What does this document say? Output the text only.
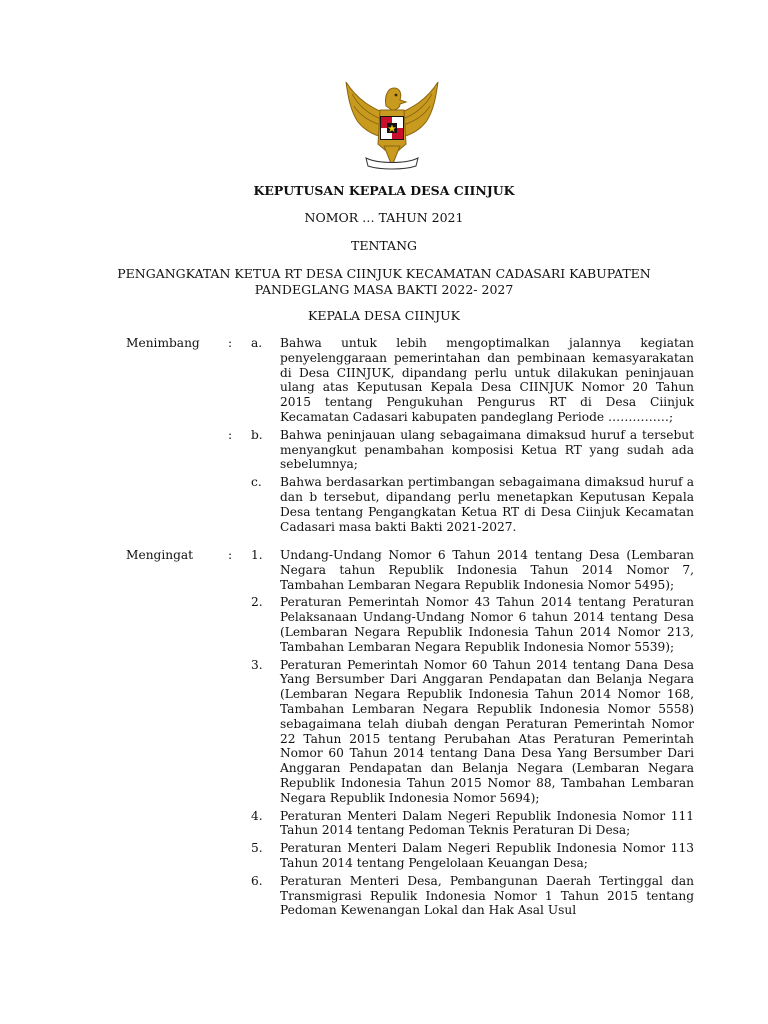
KEPUTUSAN KEPALA DESA CIINJUK
NOMOR … TAHUN 2021
TENTANG
PENGANGKATAN KETUA RT DESA CIINJUK KECAMATAN CADASARI KABUPATEN
PANDEGLANG MASA BAKTI 2022- 2027
KEPALA DESA CIINJUK
Menimbang : a. Bahwa untuk lebih mengoptimalkan jalannya kegiatan penyelenggaraan pemerintahan dan pembinaan kemasyarakatan di Desa CIINJUK, dipandang perlu untuk dilakukan peninjauan ulang atas Keputusan Kepala Desa CIINJUK Nomor 20 Tahun 2015 tentang Pengukuhan Pengurus RT di Desa Ciinjuk Kecamatan Cadasari kabupaten pandeglang Periode ……………;
: b. Bahwa peninjauan ulang sebagaimana dimaksud huruf a tersebut menyangkut penambahan komposisi Ketua RT yang sudah ada sebelumnya;
c. Bahwa berdasarkan pertimbangan sebagaimana dimaksud huruf a dan b tersebut, dipandang perlu menetapkan Keputusan Kepala Desa tentang Pengangkatan Ketua RT di Desa Ciinjuk Kecamatan Cadasari masa bakti Bakti 2021-2027.
Mengingat	: 1. Undang-Undang Nomor 6 Tahun 2014 tentang Desa (Lembaran Negara tahun Republik Indonesia Tahun 2014 Nomor 7, Tambahan Lembaran Negara Republik Indonesia Nomor 5495);
2. Peraturan Pemerintah Nomor 43 Tahun 2014 tentang Peraturan Pelaksanaan Undang-Undang Nomor 6 tahun 2014 tentang Desa (Lembaran Negara Republik Indonesia Tahun 2014 Nomor 213, Tambahan Lembaran Negara Republik Indonesia Nomor 5539);
3. Peraturan Pemerintah Nomor 60 Tahun 2014 tentang Dana Desa Yang Bersumber Dari Anggaran Pendapatan dan Belanja Negara (Lembaran Negara Republik Indonesia Tahun 2014 Nomor 168, Tambahan Lembaran Negara Republik Indonesia Nomor 5558) sebagaimana telah diubah dengan Peraturan Pemerintah Nomor 22 Tahun 2015 tentang Perubahan Atas Peraturan Pemerintah Nomor 60 Tahun 2014 tentang Dana Desa Yang Bersumber Dari Anggaran Pendapatan dan Belanja Negara (Lembaran Negara Republik Indonesia Tahun 2015 Nomor 88, Tambahan Lembaran Negara Republik Indonesia Nomor 5694);
4. Peraturan Menteri Dalam Negeri Republik Indonesia Nomor 111 Tahun 2014 tentang Pedoman Teknis Peraturan Di Desa;
5. Peraturan Menteri Dalam Negeri Republik Indonesia Nomor 113 Tahun 2014 tentang Pengelolaan Keuangan Desa;
6. Peraturan Menteri Desa, Pembangunan Daerah Tertinggal dan Transmigrasi Repulik Indonesia Nomor 1 Tahun 2015 tentang Pedoman Kewenangan Lokal dan Hak Asal Usul
